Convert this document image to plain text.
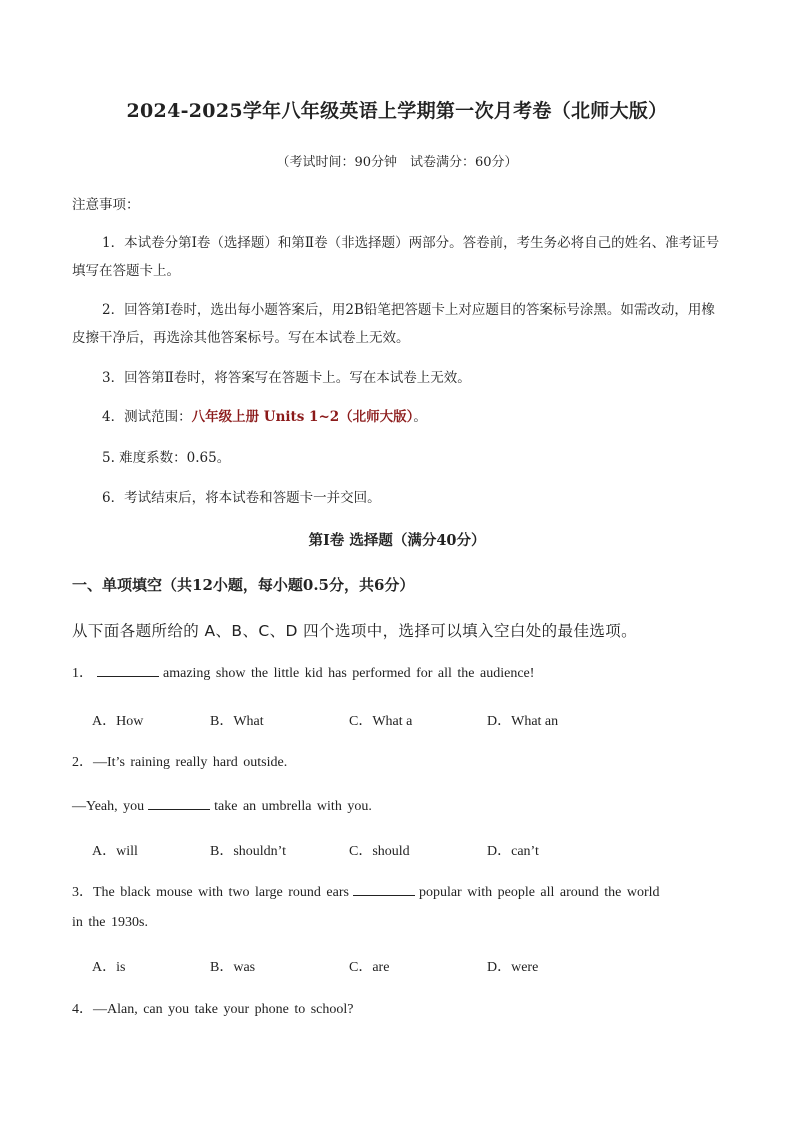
2024-2025学年八年级英语上学期第一次月考卷（北师大版）
（考试时间：90分钟　试卷满分：60分）
注意事项：
1．本试卷分第Ⅰ卷（选择题）和第Ⅱ卷（非选择题）两部分。答卷前，考生务必将自己的姓名、准考证号填写在答题卡上。
2．回答第Ⅰ卷时，选出每小题答案后，用2B铅笔把答题卡上对应题目的答案标号涂黑。如需改动，用橡皮擦干净后，再选涂其他答案标号。写在本试卷上无效。
3．回答第Ⅱ卷时，将答案写在答题卡上。写在本试卷上无效。
4．测试范围：八年级上册 Units 1~2（北师大版）。
5. 难度系数：0.65。
6．考试结束后，将本试卷和答题卡一并交回。
第Ⅰ卷 选择题（满分40分）
一、单项填空（共12小题，每小题0.5分，共6分）
从下面各题所给的 A、B、C、D 四个选项中，选择可以填入空白处的最佳选项。
1．	amazing show the little kid has performed for all the audience!
A．How	B．What	C．What a	D．What an
2．—It’s raining really hard outside.
—Yeah, you	take an umbrella with you.
A．will	B．shouldn’t	C．should	D．can’t
3．The black mouse with two large round ears	popular with people all around the world
in the 1930s.
A．is	B．was	C．are	D．were
4．—Alan, can you take your phone to school?
